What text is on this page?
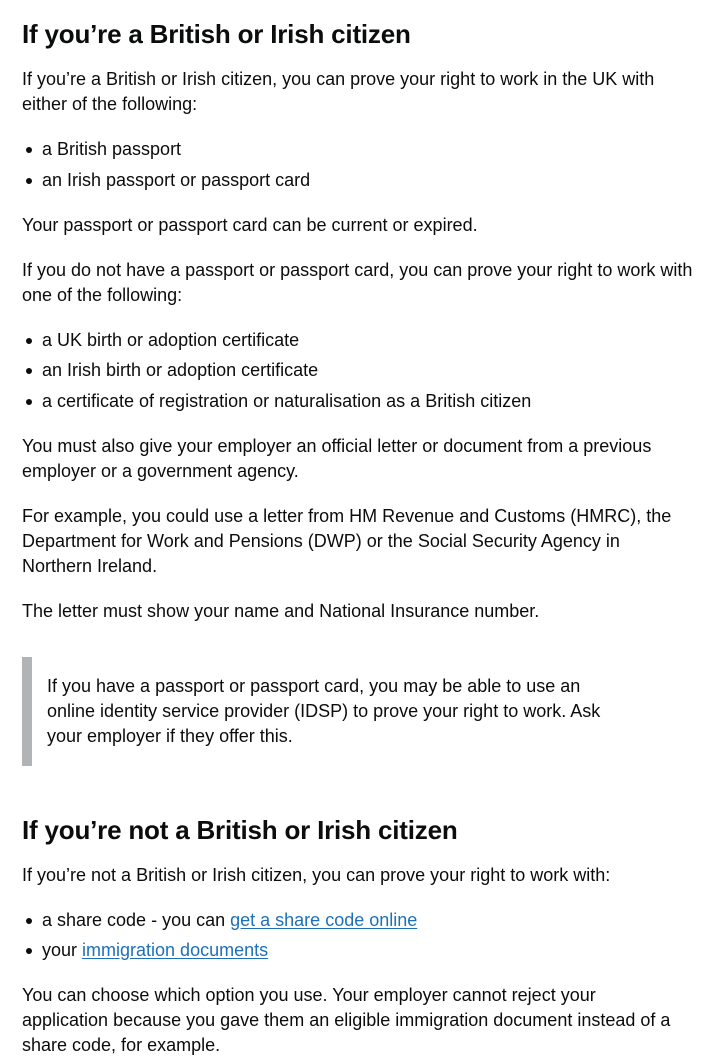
If you’re a British or Irish citizen

If you’re a British or Irish citizen, you can prove your right to work in the UK with either of the following:

a British passport
an Irish passport or passport card

Your passport or passport card can be current or expired.

If you do not have a passport or passport card, you can prove your right to work with one of the following:

a UK birth or adoption certificate
an Irish birth or adoption certificate
a certificate of registration or naturalisation as a British citizen

You must also give your employer an official letter or document from a previous employer or a government agency.

For example, you could use a letter from HM Revenue and Customs (HMRC), the Department for Work and Pensions (DWP) or the Social Security Agency in Northern Ireland.

The letter must show your name and National Insurance number.

If you have a passport or passport card, you may be able to use an online identity service provider (IDSP) to prove your right to work. Ask your employer if they offer this.

If you’re not a British or Irish citizen

If you’re not a British or Irish citizen, you can prove your right to work with:

a share code - you can get a share code online
your immigration documents

You can choose which option you use. Your employer cannot reject your application because you gave them an eligible immigration document instead of a share code, for example.
